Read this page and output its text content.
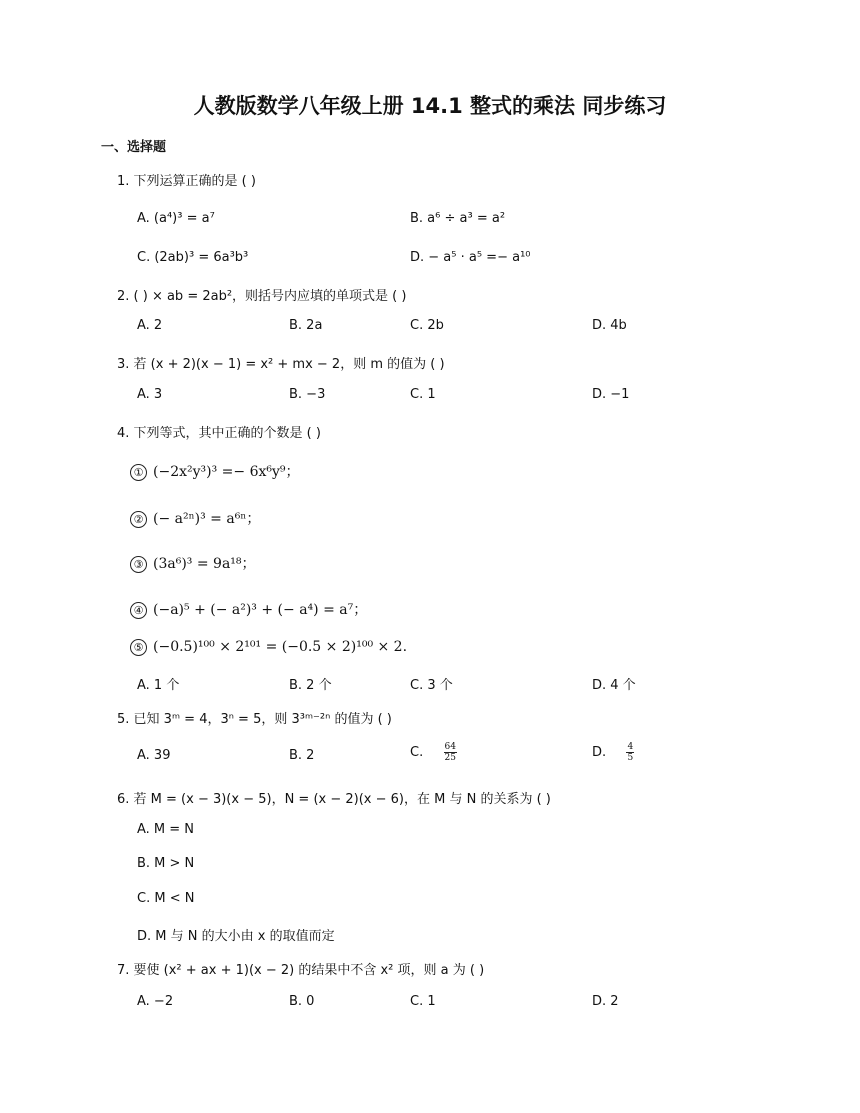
人教版数学八年级上册 14.1 整式的乘法 同步练习
一、选择题
1. 下列运算正确的是 ( )
A. (a⁴)³ = a⁷	B. a⁶ ÷ a³ = a²
C. (2ab)³ = 6a³b³	D. − a⁵ · a⁵ =− a¹⁰
2. ( ) × ab = 2ab²，则括号内应填的单项式是 ( )
A. 2	B. 2a	C. 2b	D. 4b
3. 若 (x + 2)(x − 1) = x² + mx − 2，则 m 的值为 ( )
A. 3	B. −3	C. 1	D. −1
4. 下列等式，其中正确的个数是 ( )
① (−2x²y³)³ =− 6x⁶y⁹；
② (− a²ⁿ)³ = a⁶ⁿ；
③ (3a⁶)³ = 9a¹⁸；
④ (−a)⁵ + (− a²)³ + (− a⁴) = a⁷；
⑤ (−0.5)¹⁰⁰ × 2¹⁰¹ = (−0.5 × 2)¹⁰⁰ × 2.
A. 1 个	B. 2 个	C. 3 个	D. 4 个
5. 已知 3ᵐ = 4，3ⁿ = 5，则 3³ᵐ⁻²ⁿ 的值为 ( )
A. 39	B. 2	C. $\frac{64}{25}$	D. $\frac{4}{5}$
6. 若 M = (x − 3)(x − 5)，N = (x − 2)(x − 6)，在 M 与 N 的关系为 ( )
A. M = N
B. M > N
C. M < N
D. M 与 N 的大小由 x 的取值而定
7. 要使 (x² + ax + 1)(x − 2) 的结果中不含 x² 项，则 a 为 ( )
A. −2	B. 0	C. 1	D. 2
